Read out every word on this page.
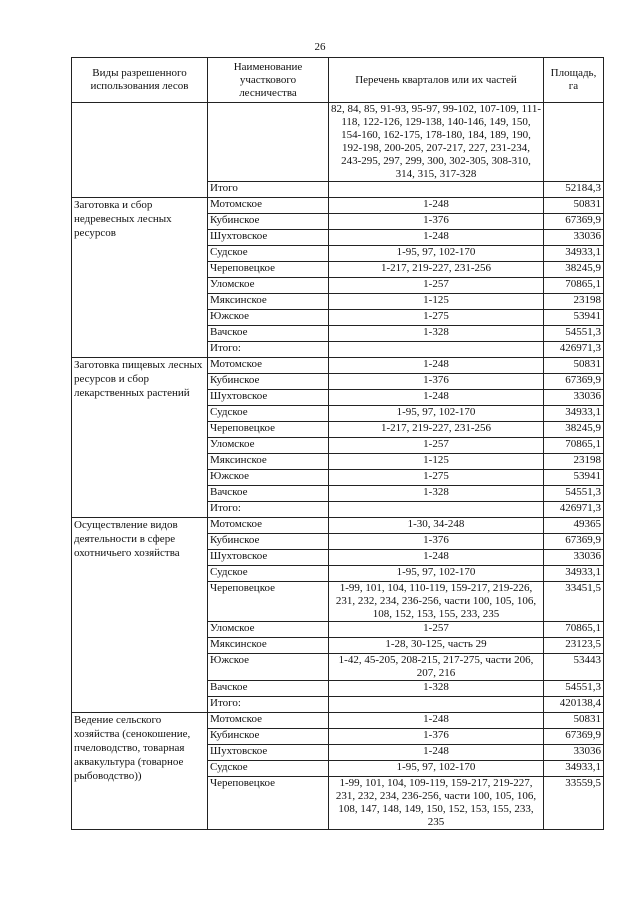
26
Виды разрешенного использования лесов	Наименование участкового лесничества	Перечень кварталов или их частей	Площадь, га
		82, 84, 85, 91-93, 95-97, 99-102, 107-109, 111-118, 122-126, 129-138, 140-146, 149, 150, 154-160, 162-175, 178-180, 184, 189, 190, 192-198, 200-205, 207-217, 227, 231-234, 243-295, 297, 299, 300, 302-305, 308-310, 314, 315, 317-328	
	Итого		52184,3
Заготовка и сбор недревесных лесных ресурсов	Мотомское	1-248	50831
	Кубинское	1-376	67369,9
	Шухтовское	1-248	33036
	Судское	1-95, 97, 102-170	34933,1
	Череповецкое	1-217, 219-227, 231-256	38245,9
	Уломское	1-257	70865,1
	Мяксинское	1-125	23198
	Южское	1-275	53941
	Вачское	1-328	54551,3
	Итого:		426971,3
Заготовка пищевых лесных ресурсов и сбор лекарственных растений	Мотомское	1-248	50831
	Кубинское	1-376	67369,9
	Шухтовское	1-248	33036
	Судское	1-95, 97, 102-170	34933,1
	Череповецкое	1-217, 219-227, 231-256	38245,9
	Уломское	1-257	70865,1
	Мяксинское	1-125	23198
	Южское	1-275	53941
	Вачское	1-328	54551,3
	Итого:		426971,3
Осуществление видов деятельности в сфере охотничьего хозяйства	Мотомское	1-30, 34-248	49365
	Кубинское	1-376	67369,9
	Шухтовское	1-248	33036
	Судское	1-95, 97, 102-170	34933,1
	Череповецкое	1-99, 101, 104, 110-119, 159-217, 219-226, 231, 232, 234, 236-256, части 100, 105, 106, 108, 152, 153, 155, 233, 235	33451,5
	Уломское	1-257	70865,1
	Мяксинское	1-28, 30-125, часть 29	23123,5
	Южское	1-42, 45-205, 208-215, 217-275, части 206, 207, 216	53443
	Вачское	1-328	54551,3
	Итого:		420138,4
Ведение сельского хозяйства (сенокошение, пчеловодство, товарная аквакультура (товарное рыбоводство))	Мотомское	1-248	50831
	Кубинское	1-376	67369,9
	Шухтовское	1-248	33036
	Судское	1-95, 97, 102-170	34933,1
	Череповецкое	1-99, 101, 104, 109-119, 159-217, 219-227, 231, 232, 234, 236-256, части 100, 105, 106, 108, 147, 148, 149, 150, 152, 153, 155, 233, 235	33559,5
